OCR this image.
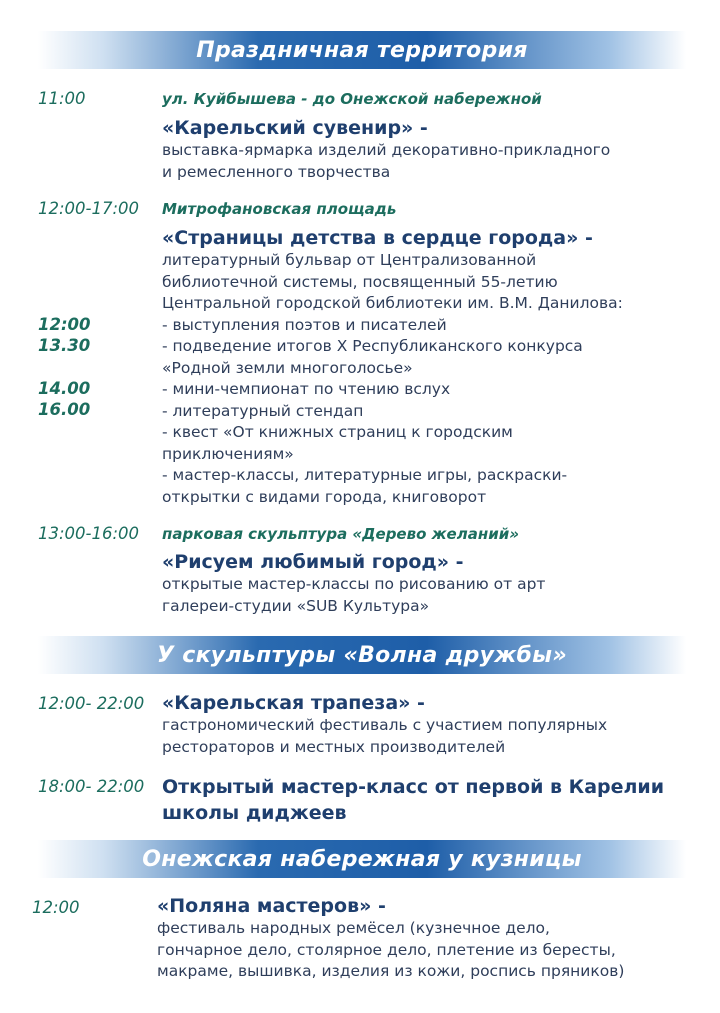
Праздничная территория
11:00	ул. Куйбышева - до Онежской набережной
«Карельский сувенир» -
выставка-ярмарка изделий декоративно-прикладного
и ремесленного творчества
12:00-17:00 Митрофановская площадь
«Страницы детства в сердце города» -
литературный бульвар от Централизованной
библиотечной системы, посвященный 55-летию
Центральной городской библиотеки им. В.М. Данилова:
- выступления поэтов и писателей
- подведение итогов X Республиканского конкурса
«Родной земли многоголосье»
- мини-чемпионат по чтению вслух
- литературный стендап
- квест «От книжных страниц к городским
приключениям»
- мастер-классы, литературные игры, раскраски-
открытки с видами города, книговорот
12:00
13.30
14.00
16.00
13:00-16:00 парковая скульптура «Дерево желаний»
«Рисуем любимый город» -
открытые мастер-классы по рисованию от арт
галереи-студии «SUB Культура»
У скульптуры «Волна дружбы»
12:00- 22:00 «Карельская трапеза» -
гастрономический фестиваль с участием популярных
рестораторов и местных производителей
18:00- 22:00 Открытый мастер-класс от первой в Карелии
школы диджеев
Онежская набережная у кузницы
12:00	«Поляна мастеров» -
фестиваль народных ремёсел (кузнечное дело,
гончарное дело, столярное дело, плетение из бересты,
макраме, вышивка, изделия из кожи, роспись пряников)
